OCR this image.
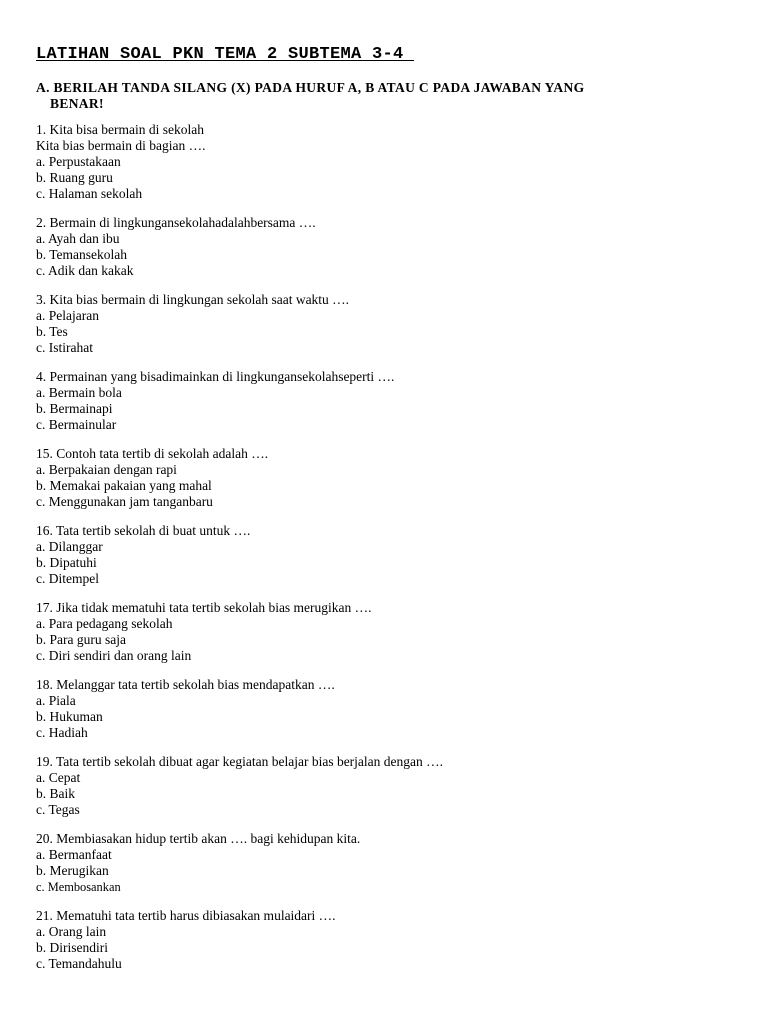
LATIHAN SOAL PKN TEMA 2 SUBTEMA 3-4
A. BERILAH TANDA SILANG (X) PADA HURUF A, B ATAU C PADA JAWABAN YANG
BENAR!
1. Kita bisa bermain di sekolah
Kita bias bermain di bagian ….
a. Perpustakaan
b. Ruang guru
c. Halaman sekolah
2. Bermain di lingkungansekolahadalahbersama ….
a. Ayah dan ibu
b. Temansekolah
c. Adik dan kakak
3. Kita bias bermain di lingkungan sekolah saat waktu ….
a. Pelajaran
b. Tes
c. Istirahat
4. Permainan yang bisadimainkan di lingkungansekolahseperti ….
a. Bermain bola
b. Bermainapi
c. Bermainular
15. Contoh tata tertib di sekolah adalah ….
a. Berpakaian dengan rapi
b. Memakai pakaian yang mahal
c. Menggunakan jam tanganbaru
16. Tata tertib sekolah di buat untuk ….
a. Dilanggar
b. Dipatuhi
c. Ditempel
17. Jika tidak mematuhi tata tertib sekolah bias merugikan ….
a. Para pedagang sekolah
b. Para guru saja
c. Diri sendiri dan orang lain
18. Melanggar tata tertib sekolah bias mendapatkan ….
a. Piala
b. Hukuman
c. Hadiah
19. Tata tertib sekolah dibuat agar kegiatan belajar bias berjalan dengan ….
a. Cepat
b. Baik
c. Tegas
20. Membiasakan hidup tertib akan …. bagi kehidupan kita.
a. Bermanfaat
b. Merugikan
c. Membosankan
21. Mematuhi tata tertib harus dibiasakan mulaidari ….
a. Orang lain
b. Dirisendiri
c. Temandahulu
